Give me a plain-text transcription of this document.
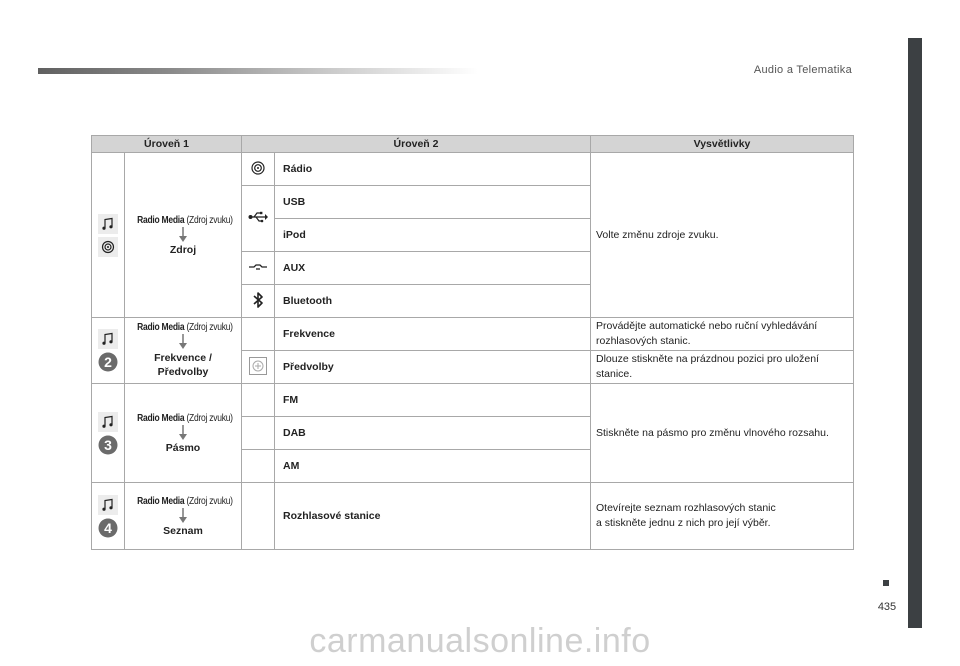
Audio a Telematika
435
carmanualsonline.info
Úroveň 1		Úroveň 2		Vysvětlivky

Radio Media (Zdroj zvuku)
Zdroj		Rádio	Volte změnu zdroje zvuku.
	USB	
			iPod	
	AUX	
	Bluetooth	

2	Radio Media (Zdroj zvuku)
Frekvence /
Předvolby		Frekvence	Provádějte automatické nebo ruční vyhledávání rozhlasových stanic.
	Předvolby	Dlouze stiskněte na prázdnou pozici pro uložení stanice.

3	Radio Media (Zdroj zvuku)
Pásmo		FM	Stiskněte na pásmo pro změnu vlnového rozsahu.
			DAB	
			AM	

4	Radio Media (Zdroj zvuku)
Seznam		Rozhlasové stanice	Otevírejte seznam rozhlasových stanic
a stiskněte jednu z nich pro její výběr.
